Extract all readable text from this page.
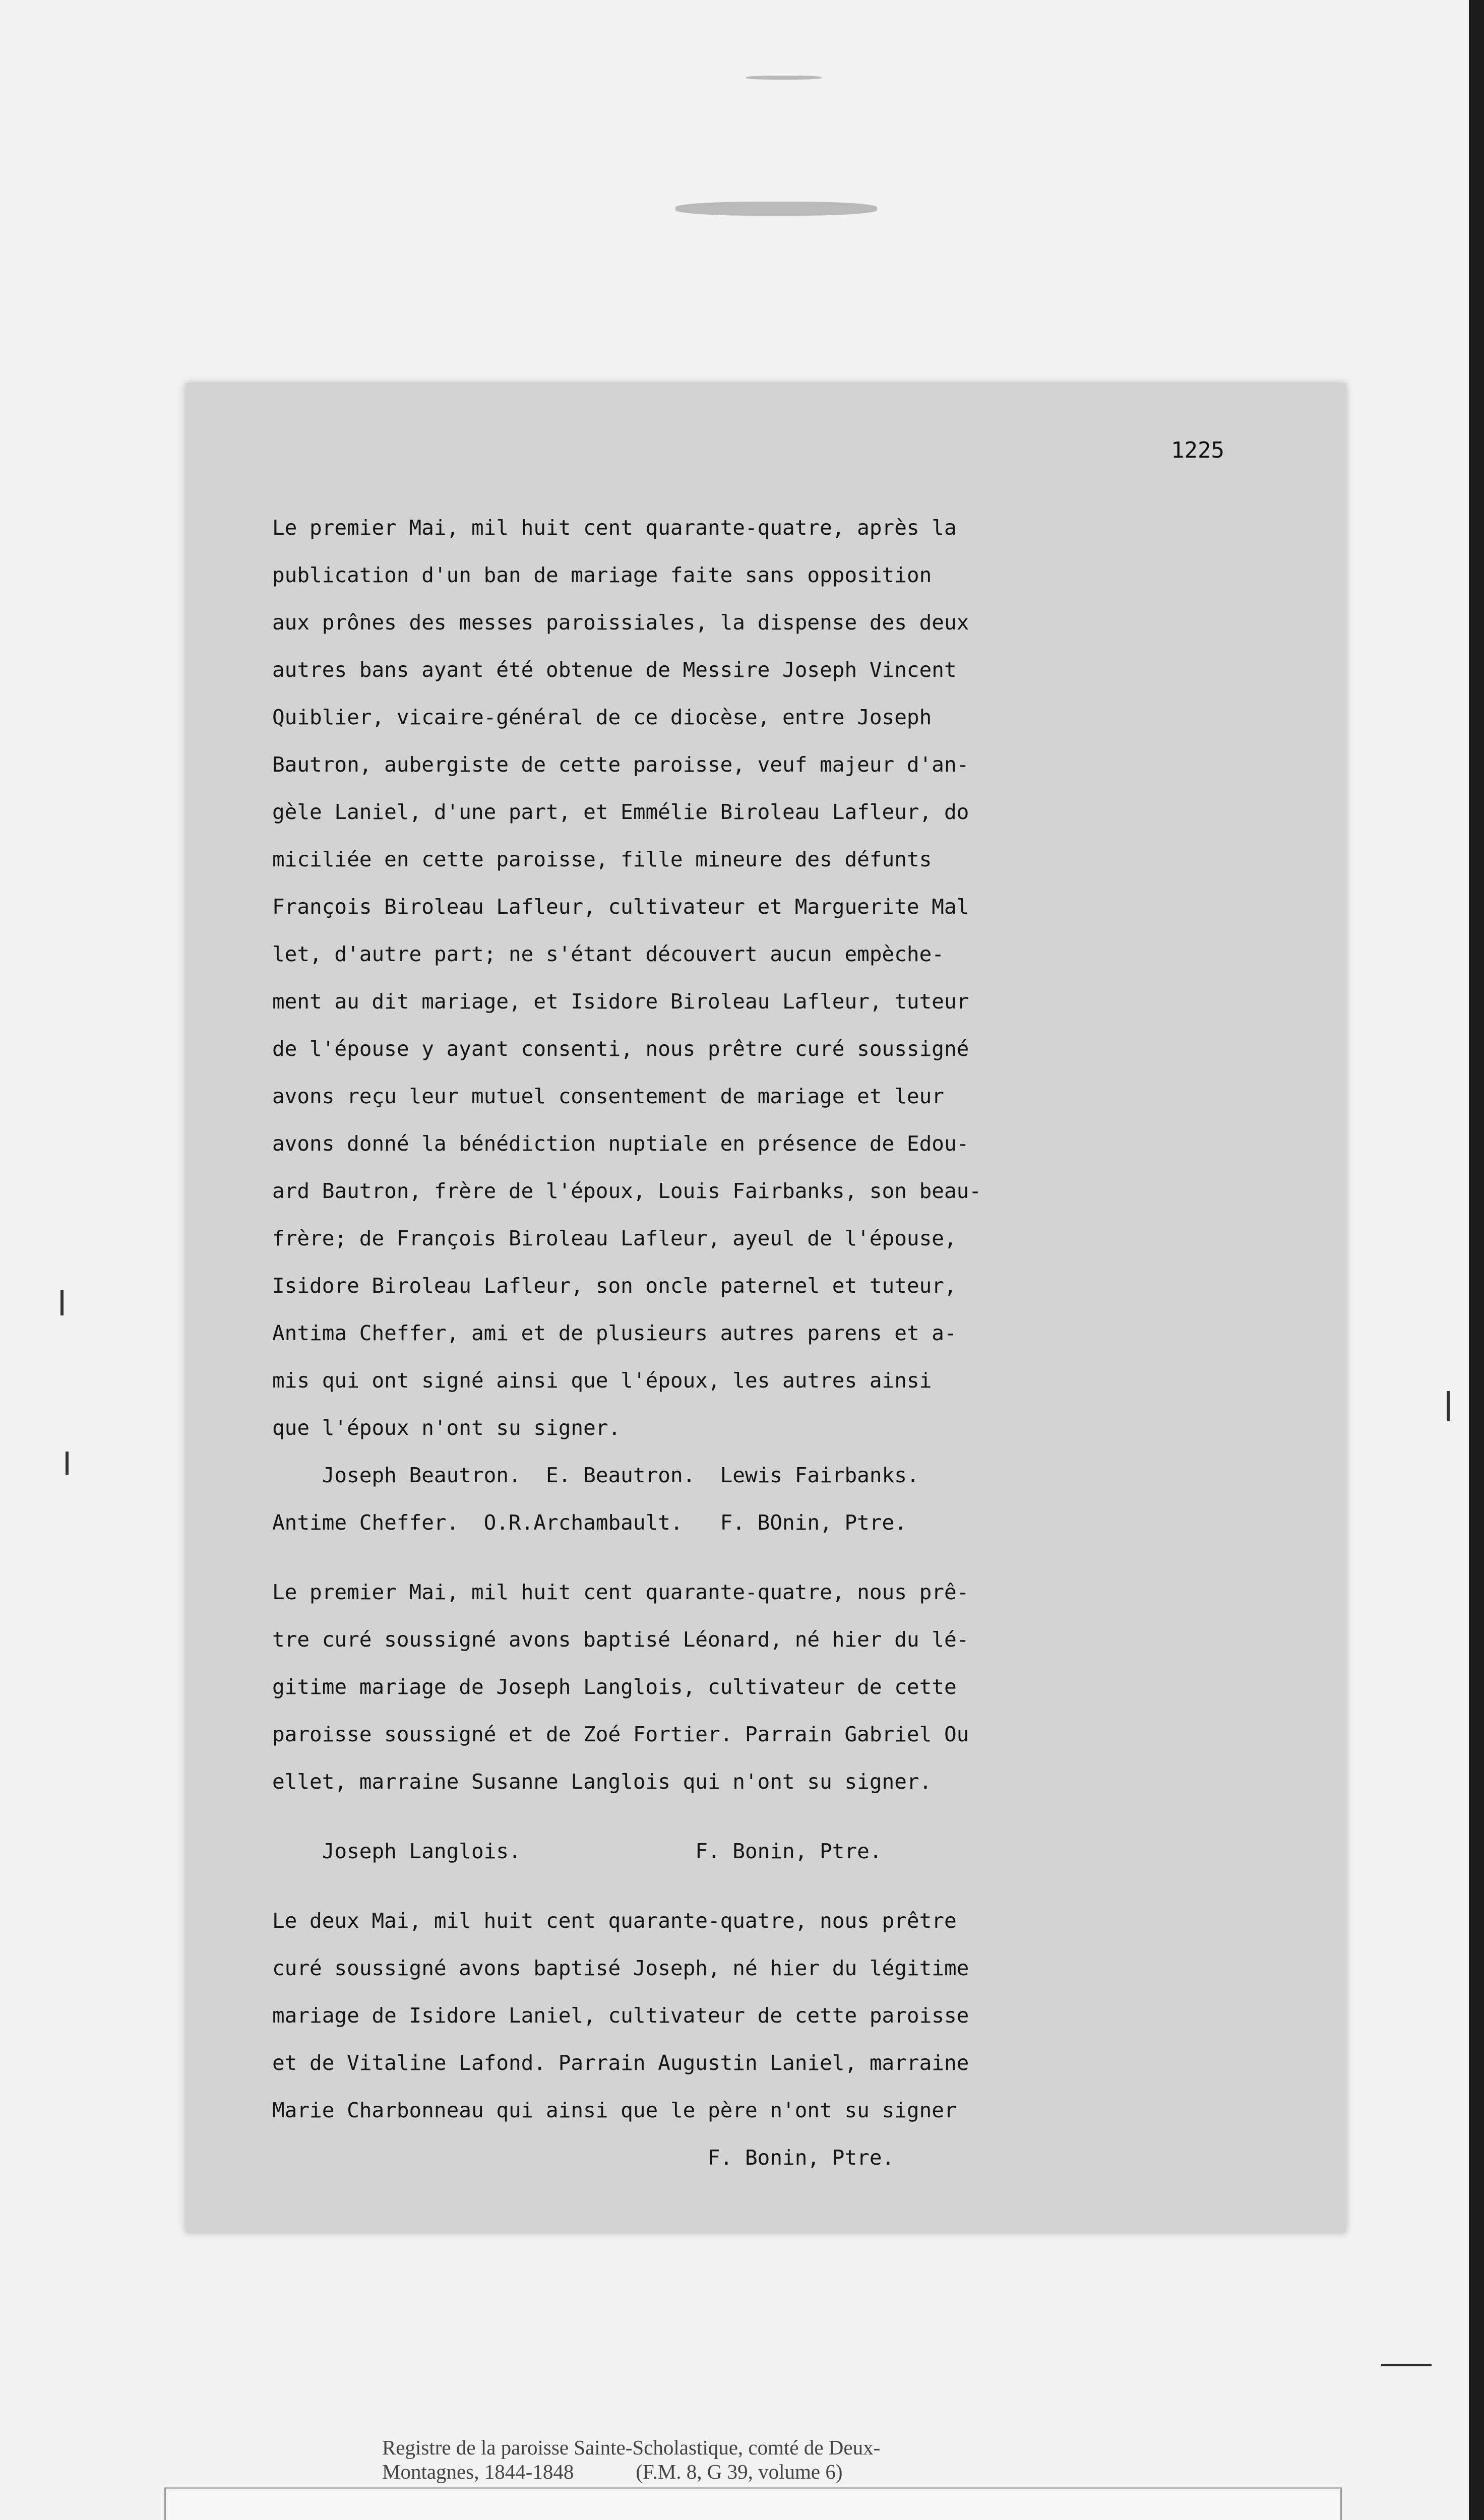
1225

Le premier Mai, mil huit cent quarante-quatre, après la

publication d'un ban de mariage faite sans opposition

aux prônes des messes paroissiales, la dispense des deux

autres bans ayant été obtenue de Messire Joseph Vincent

Quiblier, vicaire-général de ce diocèse, entre Joseph

Bautron, aubergiste de cette paroisse, veuf majeur d'an-

gèle Laniel, d'une part, et Emmélie Biroleau Lafleur, do

miciliée en cette paroisse, fille mineure des défunts

François Biroleau Lafleur, cultivateur et Marguerite Mal

let, d'autre part; ne s'étant découvert aucun empèche-

ment au dit mariage, et Isidore Biroleau Lafleur, tuteur

de l'épouse y ayant consenti, nous prêtre curé soussigné

avons reçu leur mutuel consentement de mariage et leur

avons donné la bénédiction nuptiale en présence de Edou-

ard Bautron, frère de l'époux, Louis Fairbanks, son beau-

frère; de François Biroleau Lafleur, ayeul de l'épouse,

Isidore Biroleau Lafleur, son oncle paternel et tuteur,

Antima Cheffer, ami et de plusieurs autres parens et a-

mis qui ont signé ainsi que l'époux, les autres ainsi

que l'époux n'ont su signer.

Joseph Beautron.  E. Beautron.  Lewis Fairbanks.

Antime Cheffer.  O.R.Archambault.   F. BOnin, Ptre.

Le premier Mai, mil huit cent quarante-quatre, nous prê-

tre curé soussigné avons baptisé Léonard, né hier du lé-

gitime mariage de Joseph Langlois, cultivateur de cette

paroisse soussigné et de Zoé Fortier. Parrain Gabriel Ou

ellet, marraine Susanne Langlois qui n'ont su signer.

Joseph Langlois.              F. Bonin, Ptre.

Le deux Mai, mil huit cent quarante-quatre, nous prêtre

curé soussigné avons baptisé Joseph, né hier du légitime

mariage de Isidore Laniel, cultivateur de cette paroisse

et de Vitaline Lafond. Parrain Augustin Laniel, marraine

Marie Charbonneau qui ainsi que le père n'ont su signer

F. Bonin, Ptre.

Registre de la paroisse Sainte-Scholastique, comté de Deux-
Montagnes, 1844-1848            (F.M. 8, G 39, volume 6)
